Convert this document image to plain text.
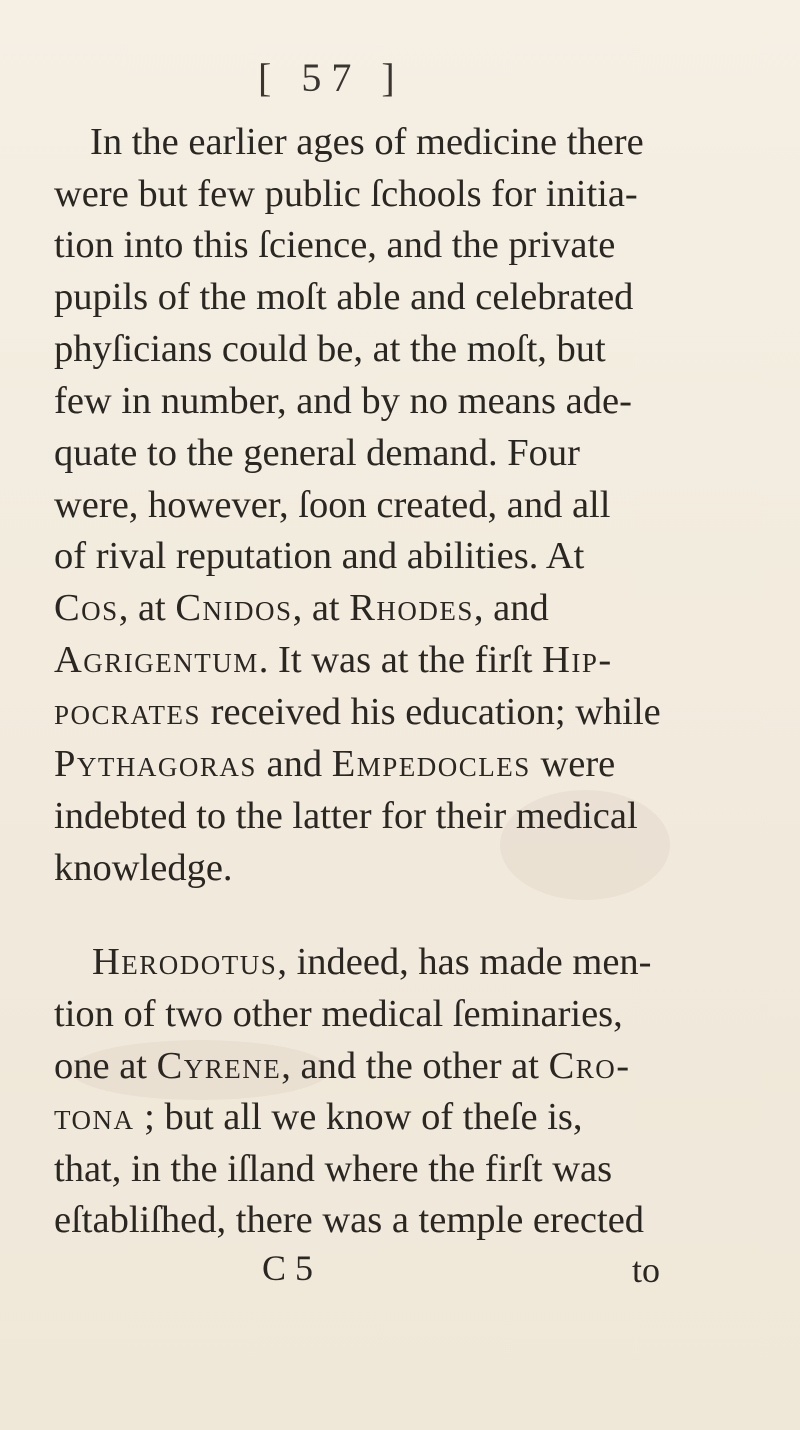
[ 57 ]
In the earlier ages of medicine there
were but few public ſchools for initia-
tion into this ſcience, and the private
pupils of the moſt able and celebrated
phyſicians could be, at the moſt, but
few in number, and by no means ade-
quate to the general demand. Four
were, however, ſoon created, and all
of rival reputation and abilities. At
Cos, at Cnidos, at Rhodes, and
Agrigentum. It was at the firſt Hip-
pocrates received his education; while
Pythagoras and Empedocles were
indebted to the latter for their medical
knowledge.
Herodotus, indeed, has made men-
tion of two other medical ſeminaries,
one at Cyrene, and the other at Cro-
tona ; but all we know of theſe is,
that, in the iſland where the firſt was
eſtabliſhed, there was a temple erected
C 5	to
